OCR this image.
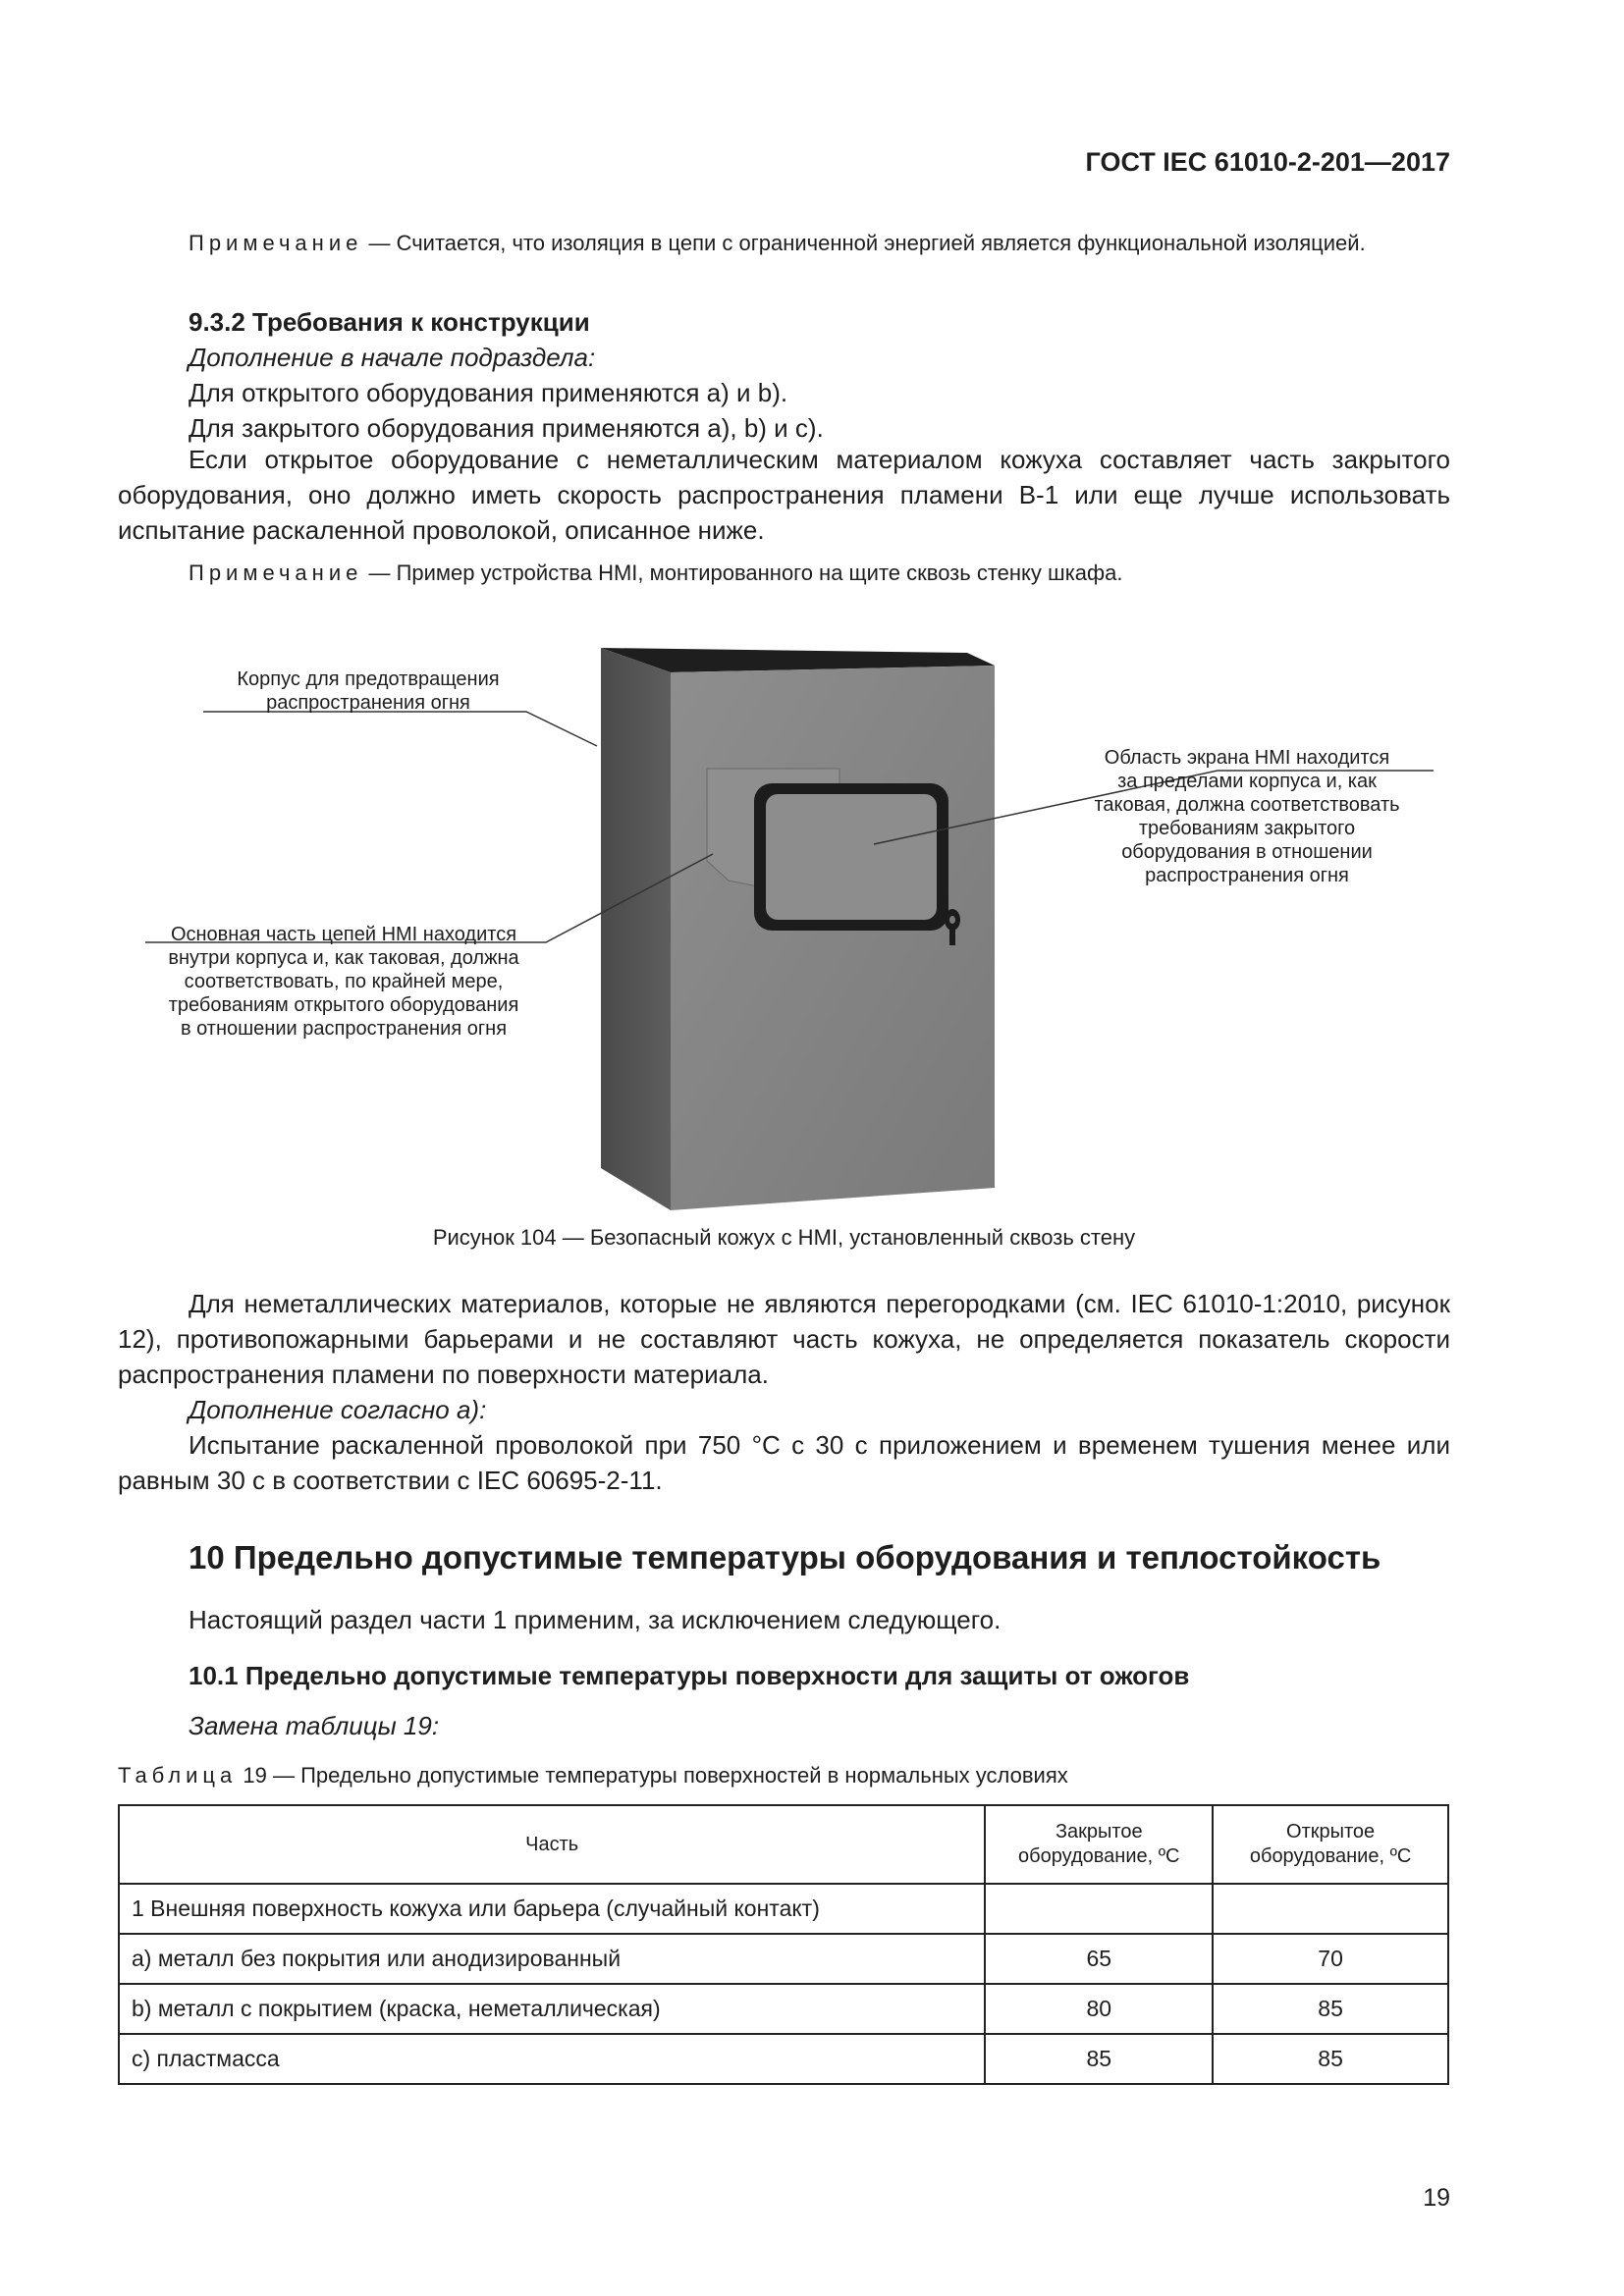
ГОСТ IEC 61010-2-201—2017
Примечание — Считается, что изоляция в цепи с ограниченной энергией является функциональной изоляцией.
9.3.2 Требования к конструкции
Дополнение в начале подраздела:
Для открытого оборудования применяются a) и b).
Для закрытого оборудования применяются a), b) и c).
Если открытое оборудование с неметаллическим материалом кожуха составляет часть закрытого оборудования, оно должно иметь скорость распространения пламени В-1 или еще лучше использовать испытание раскаленной проволокой, описанное ниже.
Примечание — Пример устройства HMI, монтированного на щите сквозь стенку шкафа.
Корпус для предотвращения
распространения огня
Область экрана HMI находится
за пределами корпуса и, как
таковая, должна соответствовать
требованиям закрытого
оборудования в отношении
распространения огня
Основная часть цепей HMI находится
внутри корпуса и, как таковая, должна
соответствовать, по крайней мере,
требованиям открытого оборудования
в отношении распространения огня
Рисунок 104 — Безопасный кожух с HMI, установленный сквозь стену
Для неметаллических материалов, которые не являются перегородками (см. IEC 61010-1:2010, рисунок 12), противопожарными барьерами и не составляют часть кожуха, не определяется показатель скорости распространения пламени по поверхности материала.
Дополнение согласно a):
Испытание раскаленной проволокой при 750 °С с 30 с приложением и временем тушения менее или равным 30 с в соответствии с IEC 60695-2-11.
10 Предельно допустимые температуры оборудования и теплостойкость
Настоящий раздел части 1 применим, за исключением следующего.
10.1 Предельно допустимые температуры поверхности для защиты от ожогов
Замена таблицы 19:
Таблица 19 — Предельно допустимые температуры поверхностей в нормальных условиях
Часть	Закрытое оборудование, ºC	Открытое оборудование, ºC
1 Внешняя поверхность кожуха или барьера (случайный контакт)		
a) металл без покрытия или анодизированный	65	70
b) металл с покрытием (краска, неметаллическая)	80	85
c) пластмасса	85	85
19
